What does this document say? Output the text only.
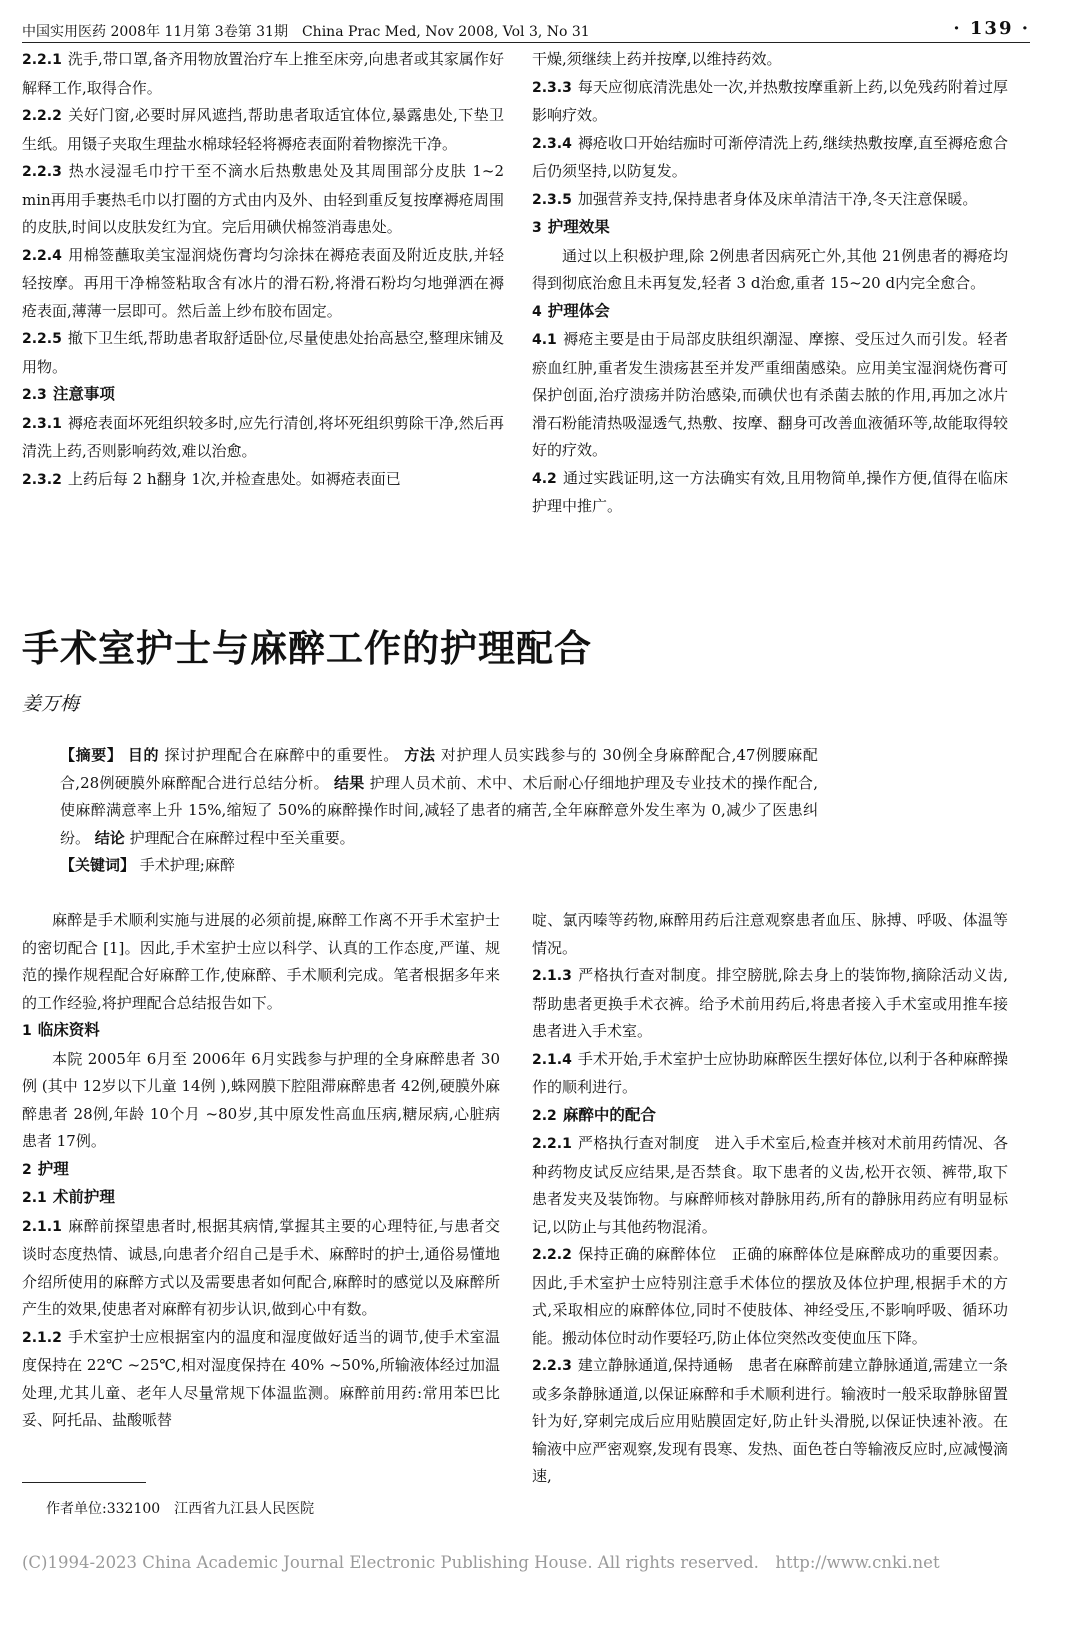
中国实用医药 2008年 11月第 3卷第 31期　China Prac Med, Nov 2008, Vol 3, No 31	· 139 ·

2.2.1 洗手,带口罩,备齐用物放置治疗车上推至床旁,向患者或其家属作好解释工作,取得合作。

2.2.2 关好门窗,必要时屏风遮挡,帮助患者取适宜体位,暴露患处,下垫卫生纸。用镊子夹取生理盐水棉球轻轻将褥疮表面附着物擦洗干净。

2.2.3 热水浸湿毛巾拧干至不滴水后热敷患处及其周围部分皮肤 1~2 min再用手裹热毛巾以打圈的方式由内及外、由轻到重反复按摩褥疮周围的皮肤,时间以皮肤发红为宜。完后用碘伏棉签消毒患处。

2.2.4 用棉签蘸取美宝湿润烧伤膏均匀涂抹在褥疮表面及附近皮肤,并轻轻按摩。再用干净棉签粘取含有冰片的滑石粉,将滑石粉均匀地弹洒在褥疮表面,薄薄一层即可。然后盖上纱布胶布固定。

2.2.5 撤下卫生纸,帮助患者取舒适卧位,尽量使患处抬高悬空,整理床铺及用物。

2.3 注意事项

2.3.1 褥疮表面坏死组织较多时,应先行清创,将坏死组织剪除干净,然后再清洗上药,否则影响药效,难以治愈。

2.3.2 上药后每 2 h翻身 1次,并检查患处。如褥疮表面已

干燥,须继续上药并按摩,以维持药效。

2.3.3 每天应彻底清洗患处一次,并热敷按摩重新上药,以免残药附着过厚影响疗效。

2.3.4 褥疮收口开始结痂时可渐停清洗上药,继续热敷按摩,直至褥疮愈合后仍须坚持,以防复发。

2.3.5 加强营养支持,保持患者身体及床单清洁干净,冬天注意保暖。

3 护理效果

通过以上积极护理,除 2例患者因病死亡外,其他 21例患者的褥疮均得到彻底治愈且未再复发,轻者 3 d治愈,重者 15~20 d内完全愈合。

4 护理体会

4.1 褥疮主要是由于局部皮肤组织潮湿、摩擦、受压过久而引发。轻者瘀血红肿,重者发生溃疡甚至并发严重细菌感染。应用美宝湿润烧伤膏可保护创面,治疗溃疡并防治感染,而碘伏也有杀菌去脓的作用,再加之冰片滑石粉能清热吸湿透气,热敷、按摩、翻身可改善血液循环等,故能取得较好的疗效。

4.2 通过实践证明,这一方法确实有效,且用物简单,操作方便,值得在临床护理中推广。

手术室护士与麻醉工作的护理配合
姜万梅

【摘要】 目的 探讨护理配合在麻醉中的重要性。 方法 对护理人员实践参与的 30例全身麻醉配合,47例腰麻配合,28例硬膜外麻醉配合进行总结分析。 结果 护理人员术前、术中、术后耐心仔细地护理及专业技术的操作配合,使麻醉满意率上升 15%,缩短了 50%的麻醉操作时间,减轻了患者的痛苦,全年麻醉意外发生率为 0,减少了医患纠纷。 结论 护理配合在麻醉过程中至关重要。

【关键词】 手术护理;麻醉

麻醉是手术顺利实施与进展的必须前提,麻醉工作离不开手术室护士的密切配合 [1]。因此,手术室护士应以科学、认真的工作态度,严谨、规范的操作规程配合好麻醉工作,使麻醉、手术顺利完成。笔者根据多年来的工作经验,将护理配合总结报告如下。

1 临床资料

本院 2005年 6月至 2006年 6月实践参与护理的全身麻醉患者 30例 (其中 12岁以下儿童 14例 ),蛛网膜下腔阻滞麻醉患者 42例,硬膜外麻醉患者 28例,年龄 10个月 ~80岁,其中原发性高血压病,糖尿病,心脏病患者 17例。

2 护理

2.1 术前护理

2.1.1 麻醉前探望患者时,根据其病情,掌握其主要的心理特征,与患者交谈时态度热情、诚恳,向患者介绍自己是手术、麻醉时的护士,通俗易懂地介绍所使用的麻醉方式以及需要患者如何配合,麻醉时的感觉以及麻醉所产生的效果,使患者对麻醉有初步认识,做到心中有数。

2.1.2 手术室护士应根据室内的温度和湿度做好适当的调节,使手术室温度保持在 22℃ ~25℃,相对湿度保持在 40% ~50%,所输液体经过加温处理,尤其儿童、老年人尽量常规下体温监测。麻醉前用药:常用苯巴比妥、阿托品、盐酸哌替

啶、氯丙嗪等药物,麻醉用药后注意观察患者血压、脉搏、呼吸、体温等情况。

2.1.3 严格执行查对制度。排空膀胱,除去身上的装饰物,摘除活动义齿,帮助患者更换手术衣裤。给予术前用药后,将患者接入手术室或用推车接患者进入手术室。

2.1.4 手术开始,手术室护士应协助麻醉医生摆好体位,以利于各种麻醉操作的顺利进行。

2.2 麻醉中的配合

2.2.1 严格执行查对制度　进入手术室后,检查并核对术前用药情况、各种药物皮试反应结果,是否禁食。取下患者的义齿,松开衣领、裤带,取下患者发夹及装饰物。与麻醉师核对静脉用药,所有的静脉用药应有明显标记,以防止与其他药物混淆。

2.2.2 保持正确的麻醉体位　正确的麻醉体位是麻醉成功的重要因素。因此,手术室护士应特别注意手术体位的摆放及体位护理,根据手术的方式,采取相应的麻醉体位,同时不使肢体、神经受压,不影响呼吸、循环功能。搬动体位时动作要轻巧,防止体位突然改变使血压下降。

2.2.3 建立静脉通道,保持通畅　患者在麻醉前建立静脉通道,需建立一条或多条静脉通道,以保证麻醉和手术顺利进行。输液时一般采取静脉留置针为好,穿刺完成后应用贴膜固定好,防止针头滑脱,以保证快速补液。在输液中应严密观察,发现有畏寒、发热、面色苍白等输液反应时,应减慢滴速,

作者单位:332100　江西省九江县人民医院
(C)1994-2023 China Academic Journal Electronic Publishing House. All rights reserved.　http://www.cnki.net
